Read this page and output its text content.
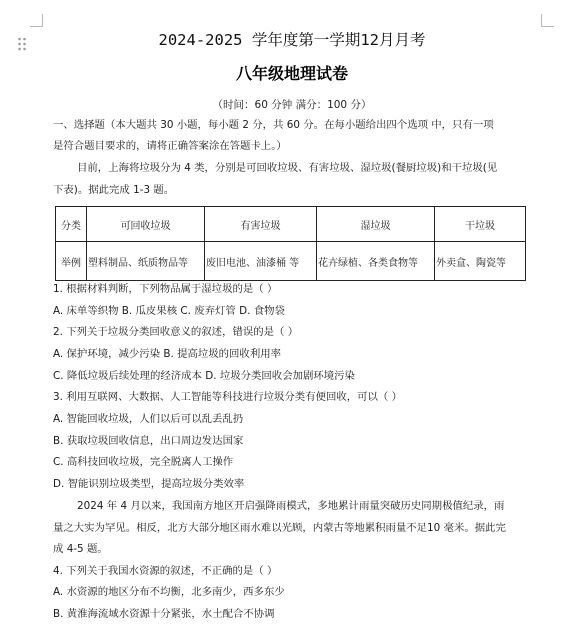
2024-2025 学年度第一学期12月月考
八年级地理试卷
（时间：60 分钟 满分：100 分）
一、选择题（本大题共 30 小题，每小题 2 分，共 60 分。在每小题给出四个选项 中，只有一项
是符合题目要求的，请将正确答案涂在答题卡上。）
目前，上海将垃圾分为 4 类，分别是可回收垃圾、有害垃圾、湿垃圾(餐厨垃圾)和干垃圾(见
下表)。据此完成 1-3 题。
分类	可回收垃圾	有害垃圾	湿垃圾	干垃圾
举例	塑料制品、纸质物品等	废旧电池、油漆桶 等	花卉绿植、各类食物等	外卖盒、陶瓷等
1. 根据材料判断，下列物品属于湿垃圾的是（ ）
A. 床单等织物 B. 瓜皮果核 C. 废弃灯管 D. 食物袋
2. 下列关于垃圾分类回收意义的叙述，错误的是（ ）
A. 保护环境，减少污染 B. 提高垃圾的回收利用率
C. 降低垃圾后续处理的经济成本 D. 垃圾分类回收会加剧环境污染
3. 利用互联网、大数据、人工智能等科技进行垃圾分类有便回收，可以（ ）
A. 智能回收垃圾，人们以后可以乱丢乱扔
B. 获取垃圾回收信息，出口周边发达国家
C. 高科技回收垃圾，完全脱离人工操作
D. 智能识别垃圾类型，提高垃圾分类效率
2024 年 4 月以来，我国南方地区开启强降雨模式，多地累计雨量突破历史同期极值纪录，雨
量之大实为罕见。相反，北方大部分地区雨水难以光顾，内蒙古等地累积雨量不足10 毫米。据此完
成 4-5 题。
4. 下列关于我国水资源的叙述，不正确的是（ ）
A. 水资源的地区分布不均衡，北多南少，西多东少
B. 黄淮海流域水资源十分紧张，水土配合不协调
